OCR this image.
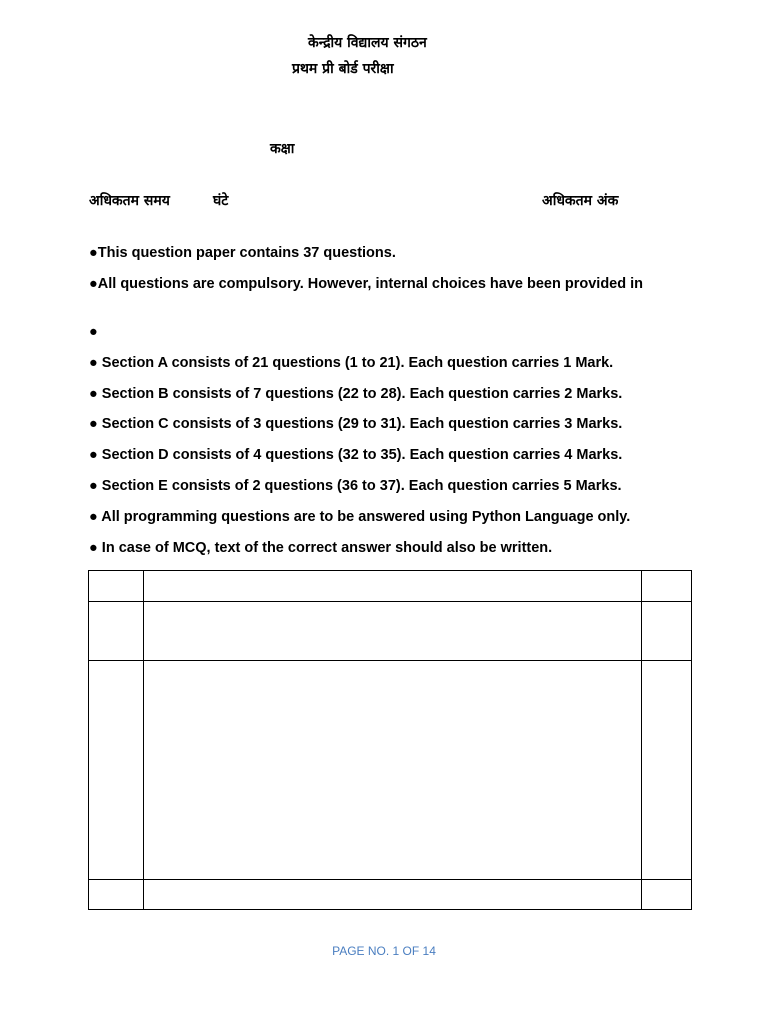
केन्द्रीय विद्यालय संगठन
प्रथम प्री बोर्ड परीक्षा
कक्षा
अधिकतम समय	घंटे	अधिकतम अंक
●This question paper contains 37 questions.
●All questions are compulsory. However, internal choices have been provided in
●
● Section A consists of 21 questions (1 to 21). Each question carries 1 Mark.
● Section B consists of 7 questions (22 to 28). Each question carries 2 Marks.
● Section C consists of 3 questions (29 to 31). Each question carries 3 Marks.
● Section D consists of 4 questions (32 to 35). Each question carries 4 Marks.
● Section E consists of 2 questions (36 to 37). Each question carries 5 Marks.
● All programming questions are to be answered using Python Language only.
● In case of MCQ, text of the correct answer should also be written.

PAGE NO. 1 OF 14
